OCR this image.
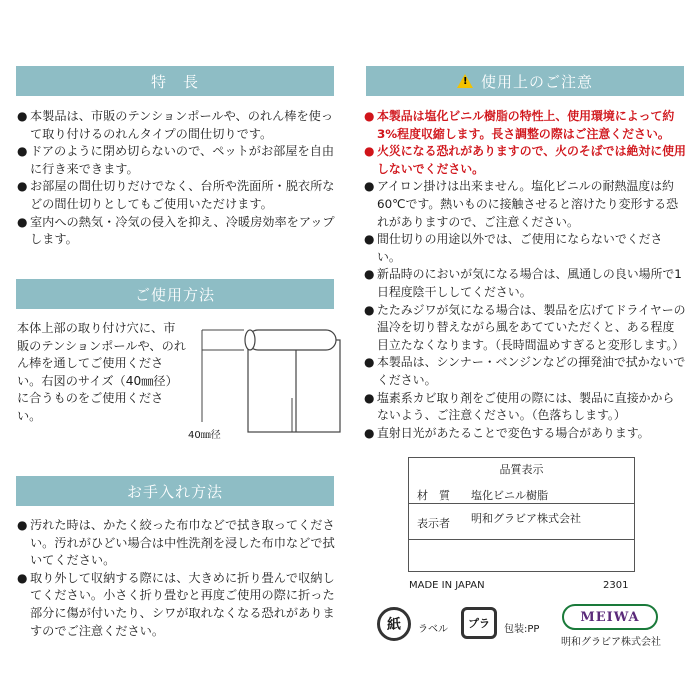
特　長
● 本製品は、市販のテンションポールや、のれん棒を使って取り付けるのれんタイプの間仕切りです。
● ドアのように閉め切らないので、ペットがお部屋を自由に行き来できます。
● お部屋の間仕切りだけでなく、台所や洗面所・脱衣所などの間仕切りとしてもご使用いただけます。
● 室内への熱気・冷気の侵入を抑え、冷暖房効率をアップします。
ご使用方法
本体上部の取り付け穴に、市販のテンションポールや、のれん棒を通してご使用ください。右図のサイズ（40㎜径）に合うものをご使用ください。
40㎜径
お手入れ方法
● 汚れた時は、かたく絞った布巾などで拭き取ってください。汚れがひどい場合は中性洗剤を浸した布巾などで拭いてください。
● 取り外して収納する際には、大きめに折り畳んで収納してください。小さく折り畳むと再度ご使用の際に折った部分に傷が付いたり、シワが取れなくなる恐れがありますのでご注意ください。
! 使用上のご注意
● 本製品は塩化ビニル樹脂の特性上、使用環境によって約3%程度収縮します。長さ調整の際はご注意ください。
● 火災になる恐れがありますので、火のそばでは絶対に使用しないでください。
● アイロン掛けは出来ません。塩化ビニルの耐熱温度は約60℃です。熱いものに接触させると溶けたり変形する恐れがありますので、ご注意ください。
● 間仕切りの用途以外では、ご使用にならないでください。
● 新品時のにおいが気になる場合は、風通しの良い場所で1日程度陰干ししてください。
● たたみジワが気になる場合は、製品を広げてドライヤーの温冷を切り替えながら風をあてていただくと、ある程度目立たなくなります。（長時間温めすぎると変形します。）
● 本製品は、シンナー・ベンジンなどの揮発油で拭かないでください。
● 塩素系カビ取り剤をご使用の際には、製品に直接かからないよう、ご注意ください。（色落ちします。）
● 直射日光があたることで変色する場合があります。
品質表示
材　質 塩化ビニル樹脂
表示者 明和グラビア株式会社
MADE IN JAPAN	2301
紙 ラベル プラ 包装:PP
MEIWA
明和グラビア株式会社
